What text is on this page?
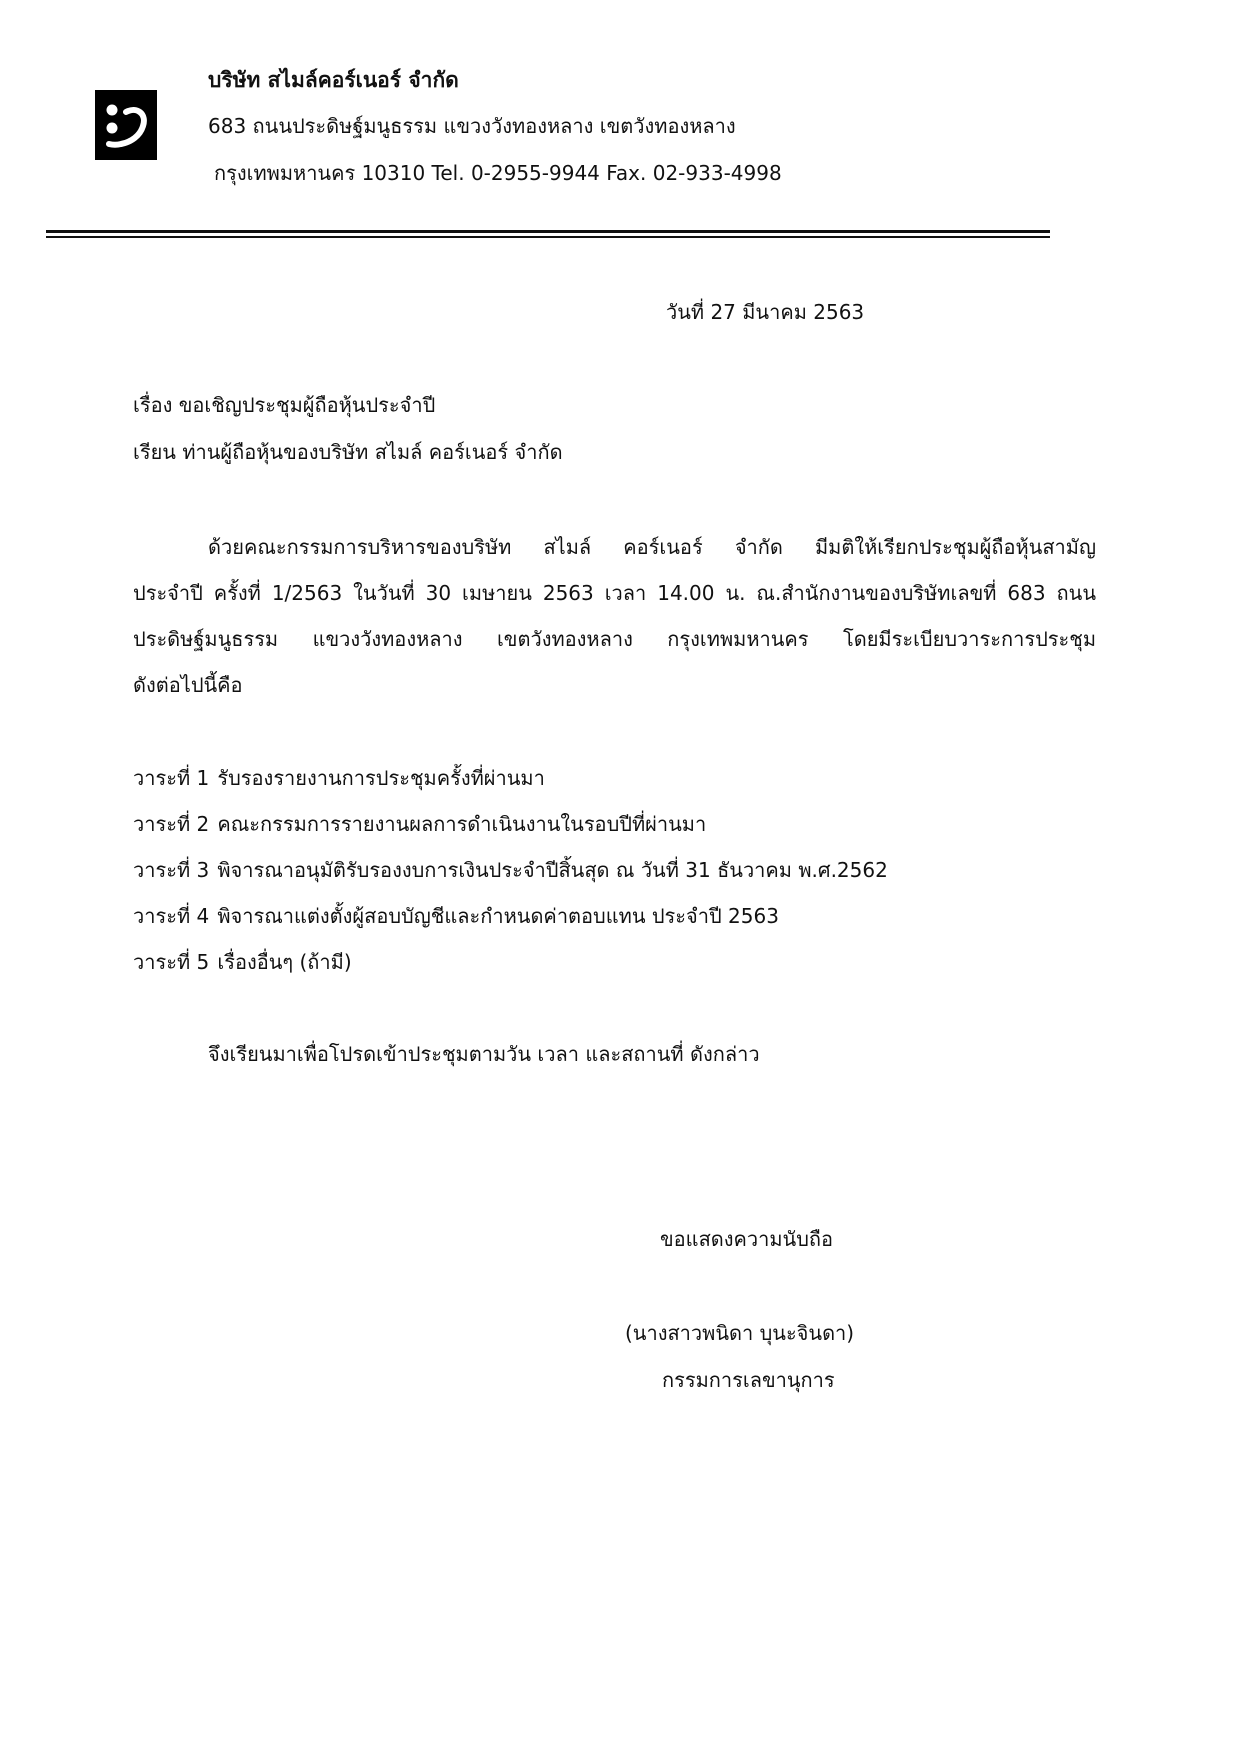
บริษัท สไมล์คอร์เนอร์ จำกัด
683 ถนนประดิษฐ์มนูธรรม แขวงวังทองหลาง เขตวังทองหลาง
กรุงเทพมหานคร 10310 Tel. 0-2955-9944 Fax. 02-933-4998
วันที่ 27 มีนาคม 2563
เรื่อง ขอเชิญประชุมผู้ถือหุ้นประจำปี
เรียน ท่านผู้ถือหุ้นของบริษัท สไมล์ คอร์เนอร์ จำกัด
ด้วยคณะกรรมการบริหารของบริษัท สไมล์ คอร์เนอร์ จำกัด มีมติให้เรียกประชุมผู้ถือหุ้นสามัญ
ประจำปี ครั้งที่ 1/2563 ในวันที่ 30 เมษายน 2563 เวลา 14.00 น. ณ.สำนักงานของบริษัทเลขที่ 683 ถนน
ประดิษฐ์มนูธรรม แขวงวังทองหลาง เขตวังทองหลาง กรุงเทพมหานคร โดยมีระเบียบวาระการประชุม
ดังต่อไปนี้คือ
วาระที่ 1 รับรองรายงานการประชุมครั้งที่ผ่านมา
วาระที่ 2 คณะกรรมการรายงานผลการดำเนินงานในรอบปีที่ผ่านมา
วาระที่ 3 พิจารณาอนุมัติรับรองงบการเงินประจำปีสิ้นสุด ณ วันที่ 31 ธันวาคม พ.ศ.2562
วาระที่ 4 พิจารณาแต่งตั้งผู้สอบบัญชีและกำหนดค่าตอบแทน ประจำปี 2563
วาระที่ 5 เรื่องอื่นๆ (ถ้ามี)
จึงเรียนมาเพื่อโปรดเข้าประชุมตามวัน เวลา และสถานที่ ดังกล่าว
ขอแสดงความนับถือ
(นางสาวพนิดา บุนะจินดา)
กรรมการเลขานุการ
